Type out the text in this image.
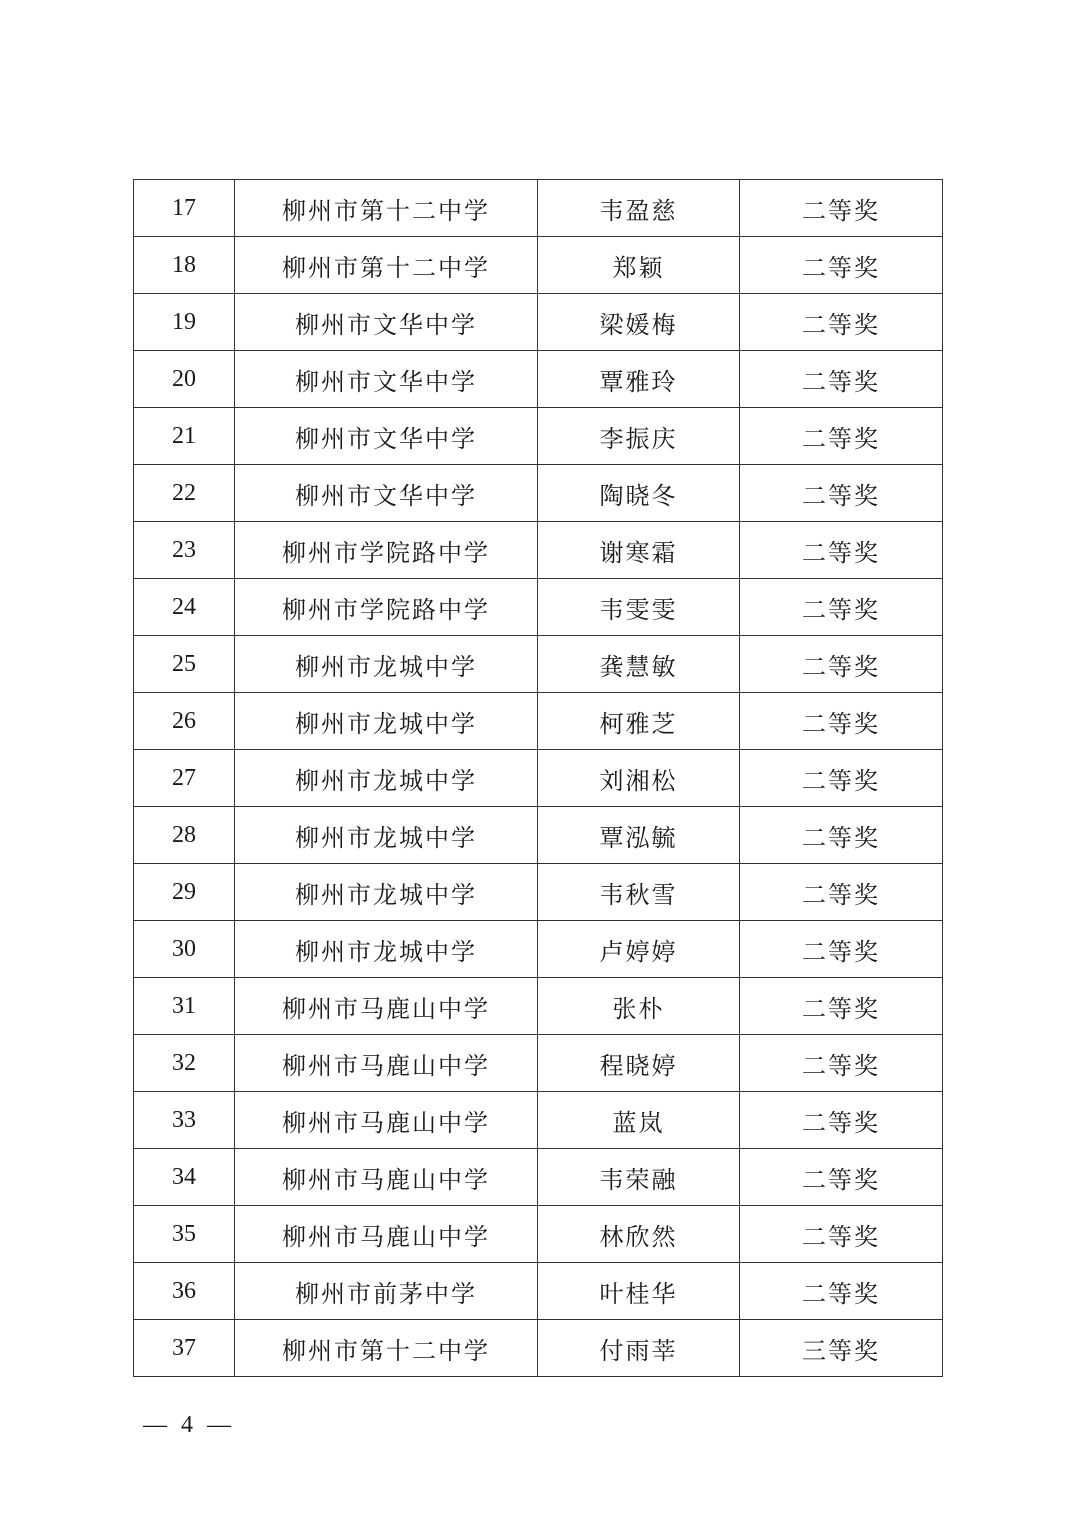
17	柳州市第十二中学	韦盈慈	二等奖
18	柳州市第十二中学	郑颖	二等奖
19	柳州市文华中学	梁媛梅	二等奖
20	柳州市文华中学	覃雅玲	二等奖
21	柳州市文华中学	李振庆	二等奖
22	柳州市文华中学	陶晓冬	二等奖
23	柳州市学院路中学	谢寒霜	二等奖
24	柳州市学院路中学	韦雯雯	二等奖
25	柳州市龙城中学	龚慧敏	二等奖
26	柳州市龙城中学	柯雅芝	二等奖
27	柳州市龙城中学	刘湘松	二等奖
28	柳州市龙城中学	覃泓毓	二等奖
29	柳州市龙城中学	韦秋雪	二等奖
30	柳州市龙城中学	卢婷婷	二等奖
31	柳州市马鹿山中学	张朴	二等奖
32	柳州市马鹿山中学	程晓婷	二等奖
33	柳州市马鹿山中学	蓝岚	二等奖
34	柳州市马鹿山中学	韦荣融	二等奖
35	柳州市马鹿山中学	林欣然	二等奖
36	柳州市前茅中学	叶桂华	二等奖
37	柳州市第十二中学	付雨莘	三等奖
— 4 —
